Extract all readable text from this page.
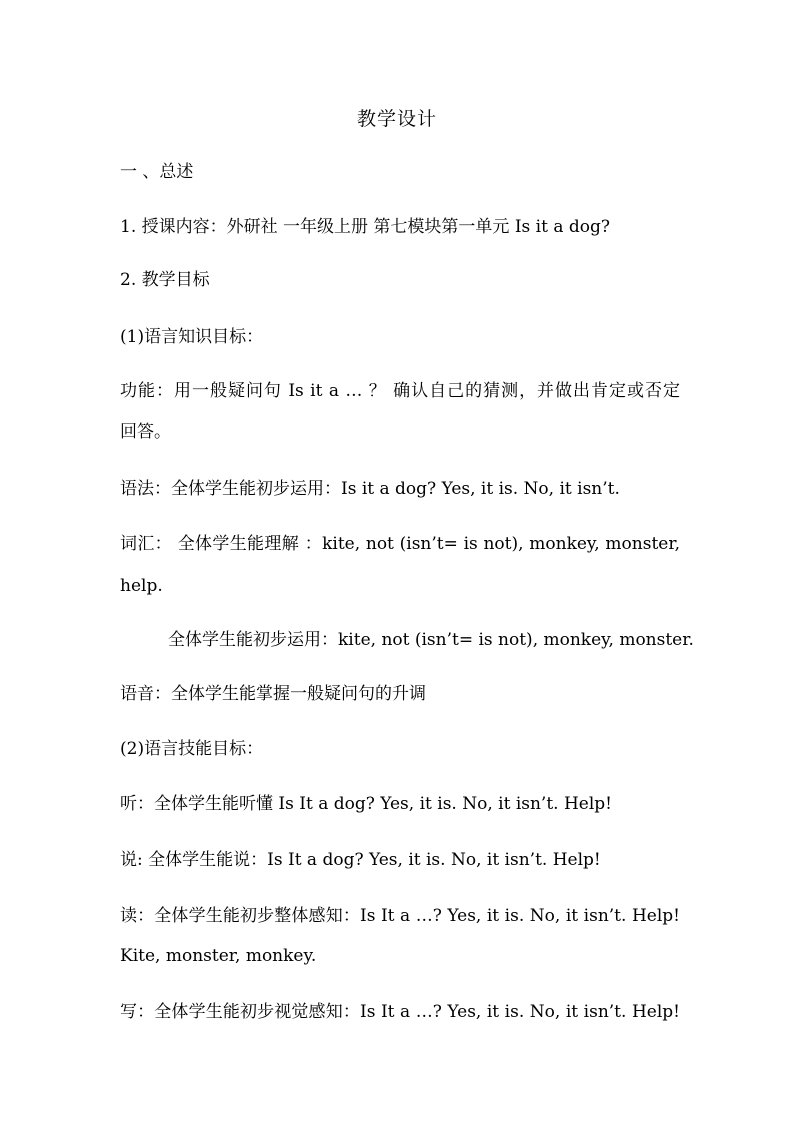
教学设计
一 、总述
1. 授课内容：外研社 一年级上册 第七模块第一单元 Is it a dog?
2. 教学目标
(1)语言知识目标：
功能：用一般疑问句 Is it a … ？ 确认自己的猜测，并做出肯定或否定
回答。
语法：全体学生能初步运用：Is it a dog? Yes, it is. No, it isn’t.
词汇： 全体学生能理解 ：kite, not (isn’t= is not), monkey, monster,
help.
全体学生能初步运用：kite, not (isn’t= is not), monkey, monster.
语音：全体学生能掌握一般疑问句的升调
(2)语言技能目标：
听：全体学生能听懂 Is It a dog? Yes, it is. No, it isn’t. Help!
说: 全体学生能说：Is It a dog? Yes, it is. No, it isn’t. Help!
读：全体学生能初步整体感知：Is It a …? Yes, it is. No, it isn’t. Help!
Kite, monster, monkey.
写：全体学生能初步视觉感知：Is It a …? Yes, it is. No, it isn’t. Help!
